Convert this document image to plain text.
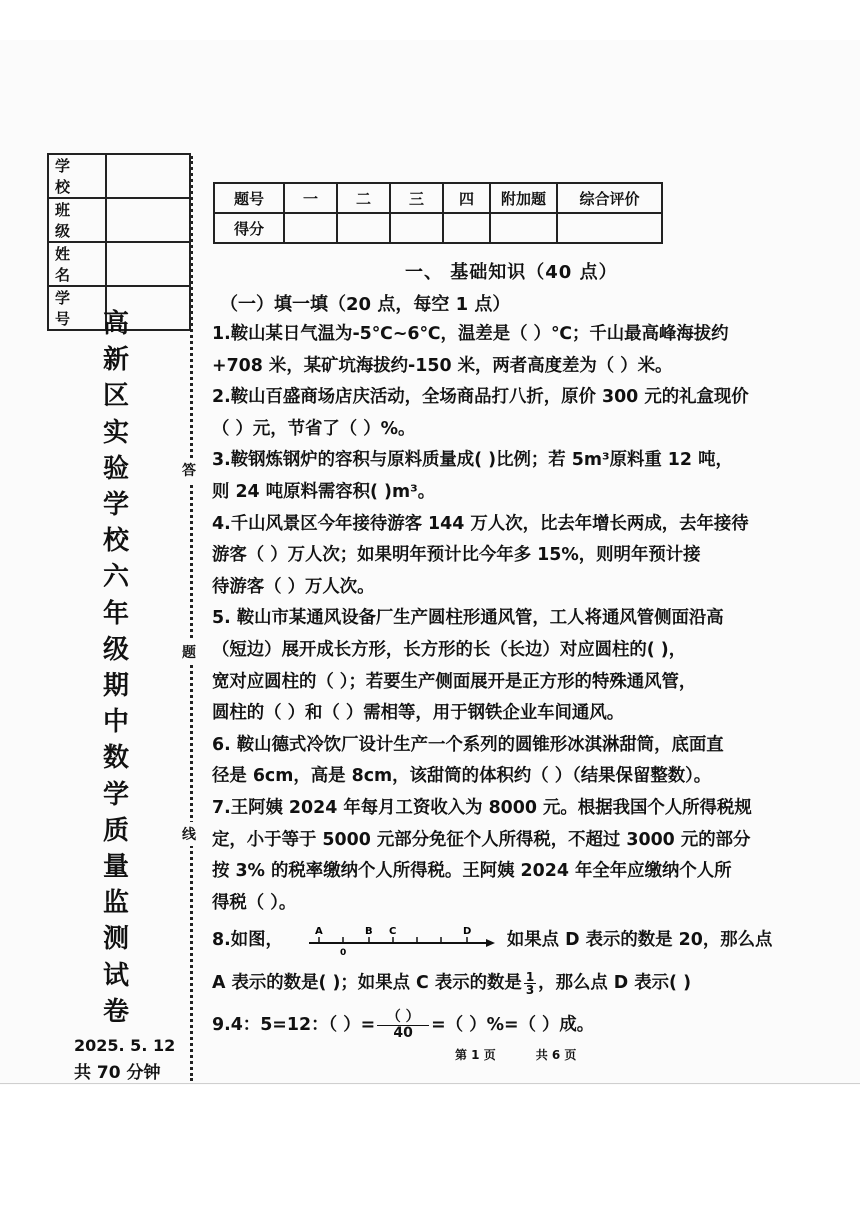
学 校	
班 级	
姓 名	
学 号	高
新
区
实
验
学
校
六
年
级
期
中
数
学
质
量
监
测
试
卷
2025. 5. 12
共 70 分钟
答
题
线
题号	一	二	三	四	附加题	综合评价
得分						
一、 基础知识（40 点）
（一）填一填（20 点，每空 1 点）

1.鞍山某日气温为-5℃~6℃，温差是（ ）℃；千山最高峰海拔约

+708 米，某矿坑海拔约-150 米，两者高度差为（ ）米。

2.鞍山百盛商场店庆活动，全场商品打八折，原价 300 元的礼盒现价

（ ）元，节省了（ ）%。

3.鞍钢炼钢炉的容积与原料质量成( )比例；若 5m³原料重 12 吨，

则 24 吨原料需容积( )m³。

4.千山风景区今年接待游客 144 万人次，比去年增长两成，去年接待

游客（ ）万人次；如果明年预计比今年多 15%，则明年预计接

待游客（ ）万人次。

5. 鞍山市某通风设备厂生产圆柱形通风管，工人将通风管侧面沿高

（短边）展开成长方形，长方形的长（长边）对应圆柱的( )，

宽对应圆柱的（ ）；若要生产侧面展开是正方形的特殊通风管，

圆柱的（ ）和（ ）需相等，用于钢铁企业车间通风。

6. 鞍山德式冷饮厂设计生产一个系列的圆锥形冰淇淋甜筒，底面直

径是 6cm，高是 8cm，该甜筒的体积约（ ）（结果保留整数）。

7.王阿姨 2024 年每月工资收入为 8000 元。根据我国个人所得税规

定，小于等于 5000 元部分免征个人所得税，不超过 3000 元的部分

按 3% 的税率缴纳个人所得税。王阿姨 2024 年全年应缴纳个人所

得税（ ）。

8.如图，	A	B C	D
0
如果点 D 表示的数是 20，那么点

A 表示的数是( )；如果点 C 表示的数是 $\frac{1}{3}$ ，那么点 D 表示( )

9.4：5=12：（ ）= $\frac{( )}{40}$ =（ ）%=（ ）成。

第 1 页	共 6 页
